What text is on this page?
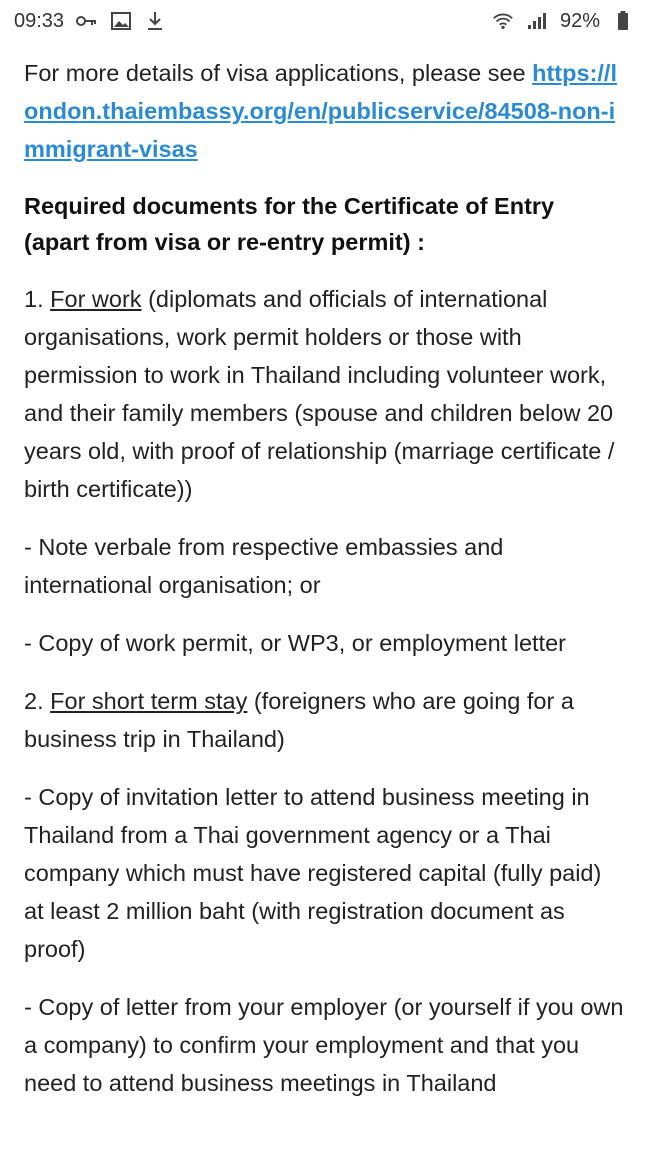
09:33	92%

For more details of visa applications, please see https://london.thaiembassy.org/en/publicservice/84508-non-immigrant-visas

Required documents for the Certificate of Entry (apart from visa or re-entry permit) :

1. For work (diplomats and officials of international organisations, work permit holders or those with permission to work in Thailand including volunteer work, and their family members (spouse and children below 20 years old, with proof of relationship (marriage certificate / birth certificate))

- Note verbale from respective embassies and international organisation; or

- Copy of work permit, or WP3, or employment letter

2. For short term stay (foreigners who are going for a business trip in Thailand)

- Copy of invitation letter to attend business meeting in Thailand from a Thai government agency or a Thai company which must have registered capital (fully paid) at least 2 million baht (with registration document as proof)

- Copy of letter from your employer (or yourself if you own a company) to confirm your employment and that you need to attend business meetings in Thailand
